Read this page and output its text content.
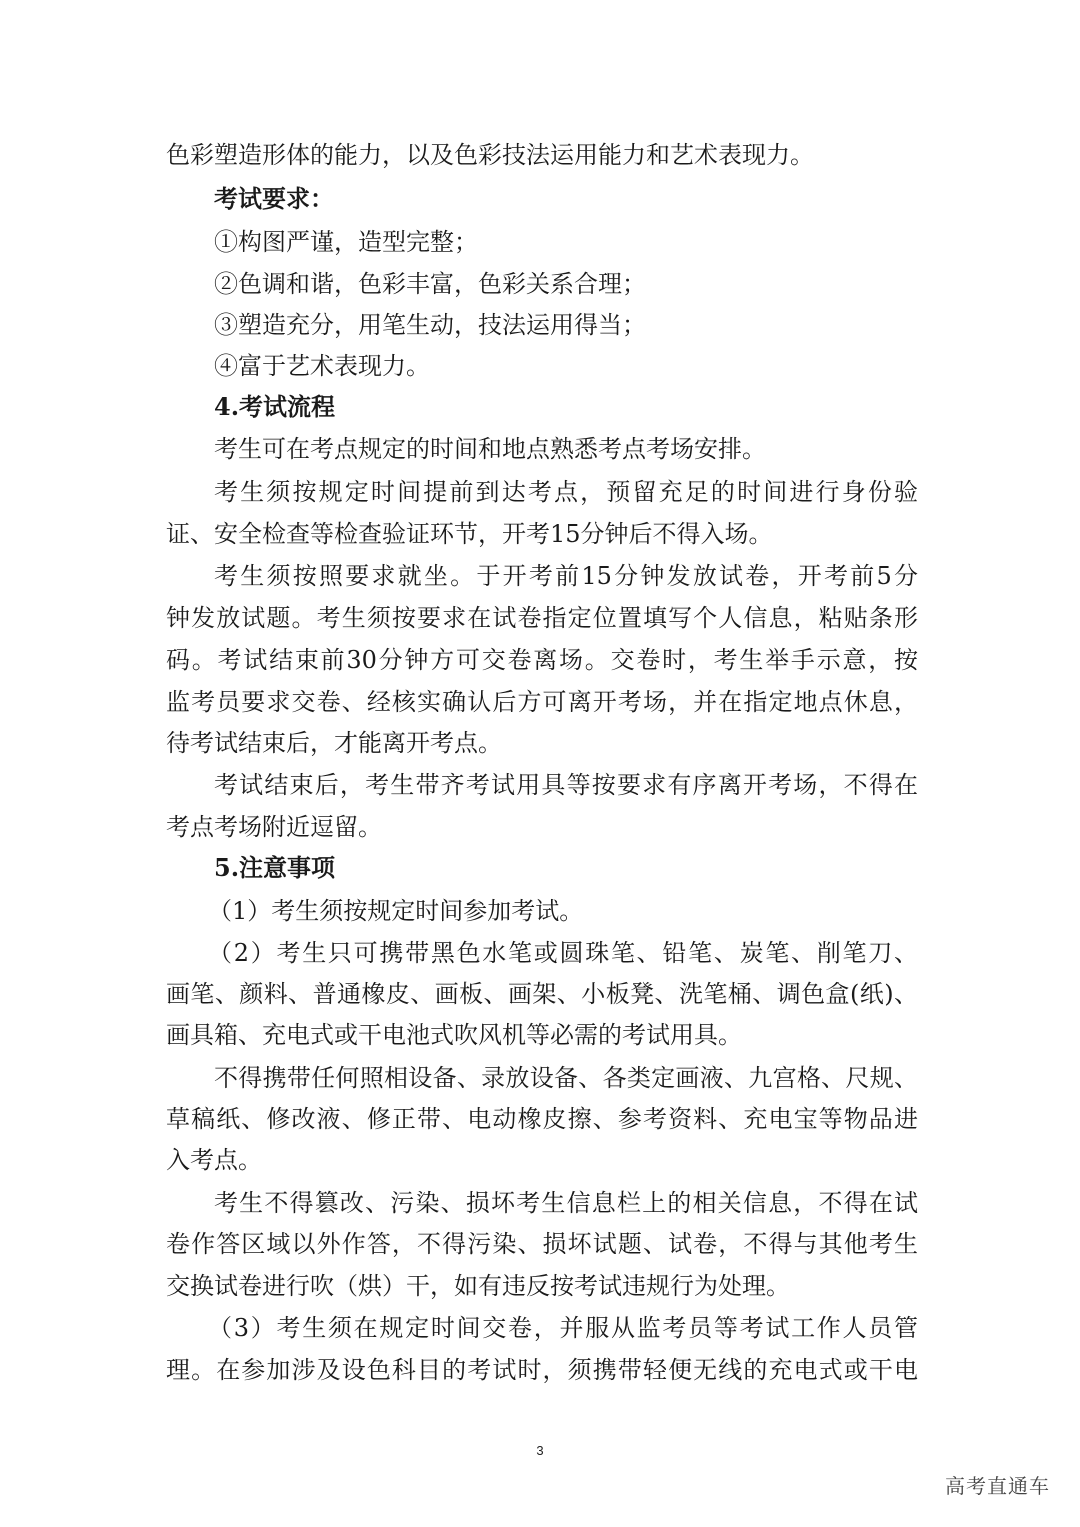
色彩塑造形体的能力，以及色彩技法运用能力和艺术表现力。
考试要求：
①构图严谨，造型完整；
②色调和谐，色彩丰富，色彩关系合理；
③塑造充分，用笔生动，技法运用得当；
④富于艺术表现力。
4.考试流程
考生可在考点规定的时间和地点熟悉考点考场安排。
考生须按规定时间提前到达考点，预留充足的时间进行身份验
证、安全检查等检查验证环节，开考15分钟后不得入场。
考生须按照要求就坐。于开考前15分钟发放试卷，开考前5分
钟发放试题。考生须按要求在试卷指定位置填写个人信息，粘贴条形
码。考试结束前30分钟方可交卷离场。交卷时，考生举手示意，按
监考员要求交卷、经核实确认后方可离开考场，并在指定地点休息，
待考试结束后，才能离开考点。
考试结束后，考生带齐考试用具等按要求有序离开考场，不得在
考点考场附近逗留。
5.注意事项
（1）考生须按规定时间参加考试。
（2）考生只可携带黑色水笔或圆珠笔、铅笔、炭笔、削笔刀、
画笔、颜料、普通橡皮、画板、画架、小板凳、洗笔桶、调色盒(纸)、
画具箱、充电式或干电池式吹风机等必需的考试用具。
不得携带任何照相设备、录放设备、各类定画液、九宫格、尺规、
草稿纸、修改液、修正带、电动橡皮擦、参考资料、充电宝等物品进
入考点。
考生不得篡改、污染、损坏考生信息栏上的相关信息，不得在试
卷作答区域以外作答，不得污染、损坏试题、试卷，不得与其他考生
交换试卷进行吹（烘）干，如有违反按考试违规行为处理。
（3）考生须在规定时间交卷，并服从监考员等考试工作人员管
理。在参加涉及设色科目的考试时，须携带轻便无线的充电式或干电
3
高考直通车
